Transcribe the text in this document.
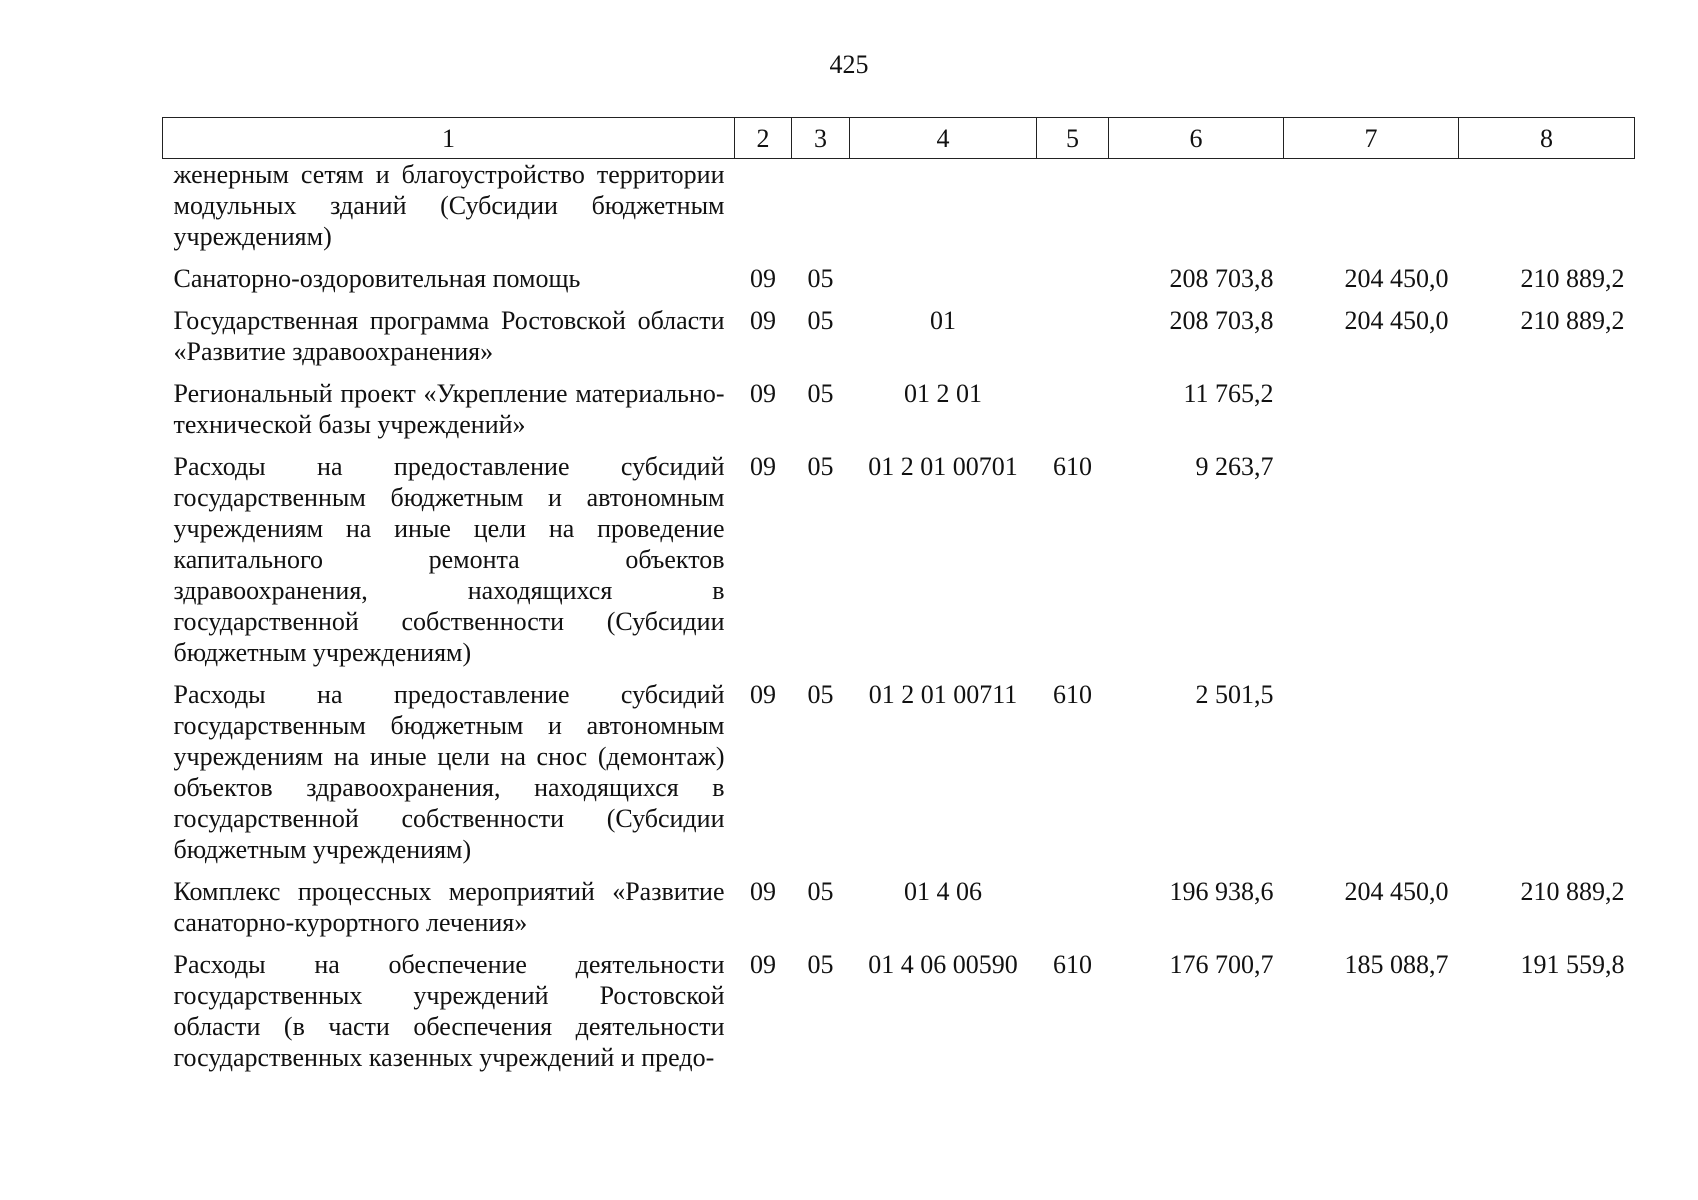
425
1	2	3	4	5	6	7	8
женерным сетям и благоустройство территории модульных зданий (Субсидии бюджетным учреждениям)							
Санаторно-оздоровительная помощь	09	05			208 703,8	204 450,0	210 889,2
Государственная программа Ростовской области «Развитие здравоохранения»	09	05	01		208 703,8	204 450,0	210 889,2
Региональный проект «Укрепление материально-технической базы учреждений»	09	05	01 2 01		11 765,2		
Расходы на предоставление субсидий государственным бюджетным и автономным учреждениям на иные цели на проведение капитального ремонта объектов здравоохранения, находящихся в государственной собственности (Субсидии бюджетным учреждениям)	09	05	01 2 01 00701	610	9 263,7		
Расходы на предоставление субсидий государственным бюджетным и автономным учреждениям на иные цели на снос (демонтаж) объектов здравоохранения, находящихся в государственной собственности (Субсидии бюджетным учреждениям)	09	05	01 2 01 00711	610	2 501,5		
Комплекс процессных мероприятий «Развитие санаторно-курортного лечения»	09	05	01 4 06		196 938,6	204 450,0	210 889,2
Расходы на обеспечение деятельности государственных учреждений Ростовской области (в части обеспечения деятельности государственных казенных учреждений и предо-	09	05	01 4 06 00590	610	176 700,7	185 088,7	191 559,8
